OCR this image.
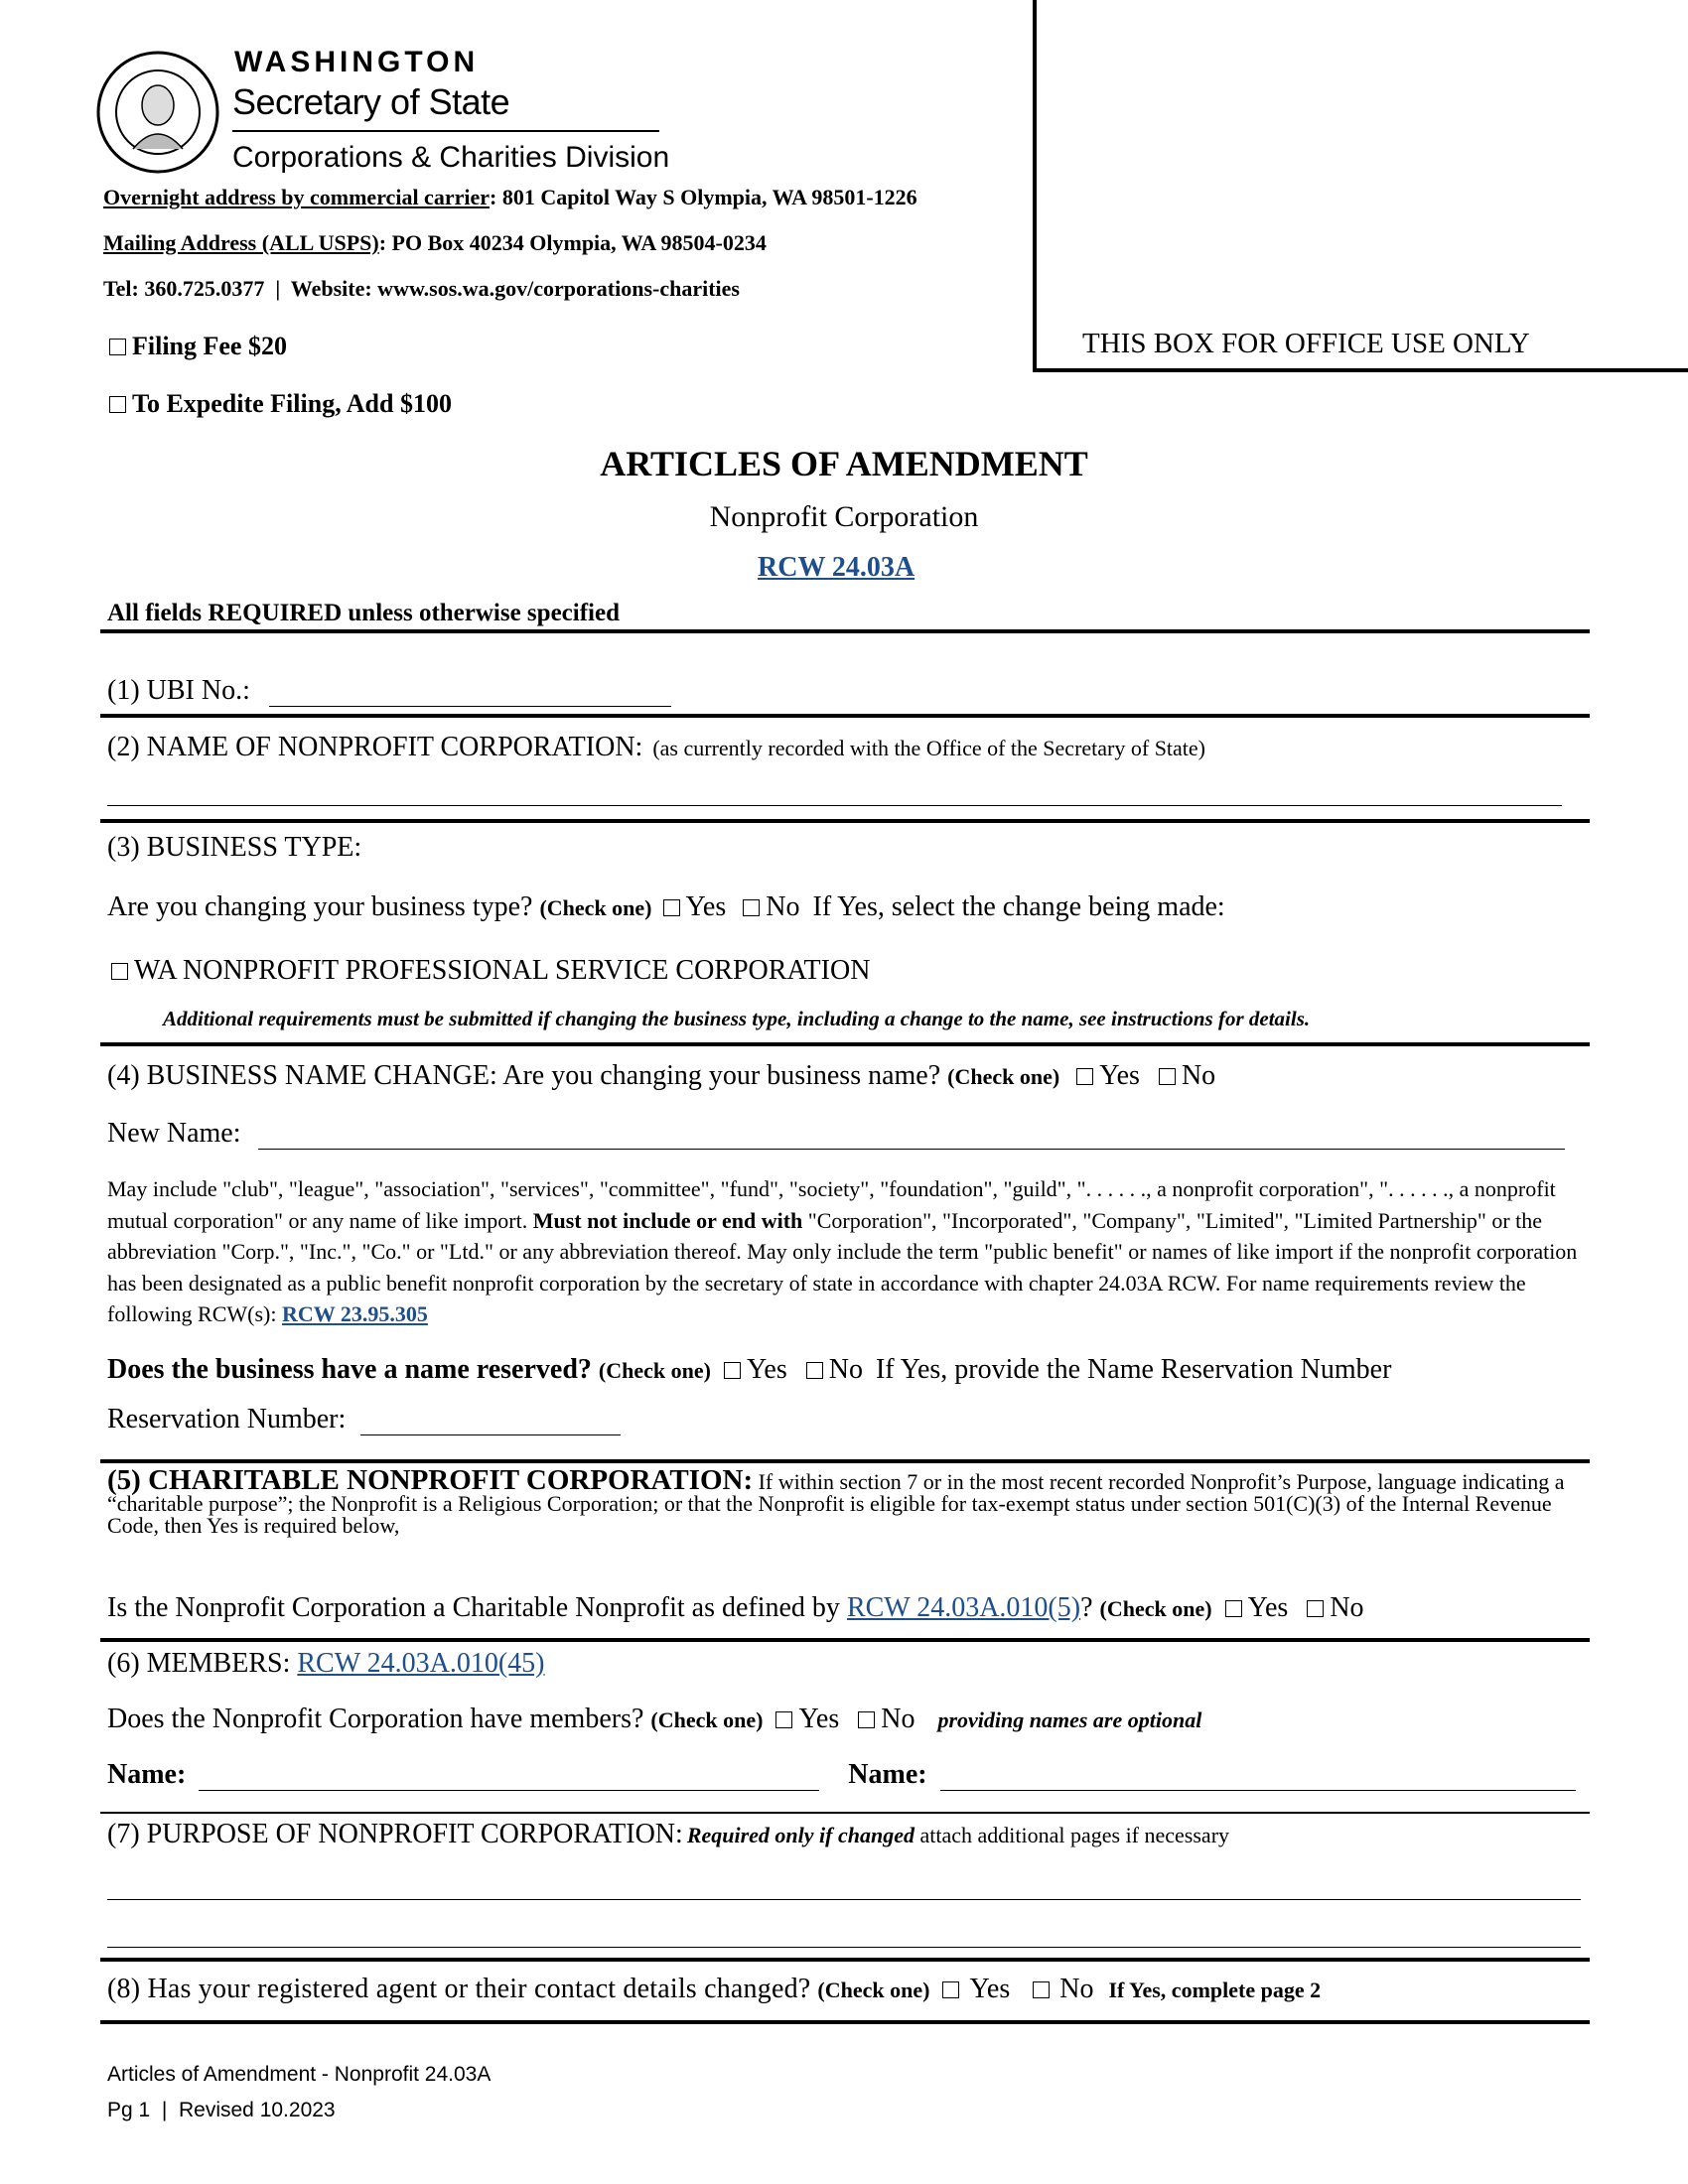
THIS BOX FOR OFFICE USE ONLY
WASHINGTON
Secretary of State
Corporations & Charities Division
Overnight address by commercial carrier: 801 Capitol Way S Olympia, WA 98501-1226
Mailing Address (ALL USPS): PO Box 40234 Olympia, WA 98504-0234
Tel: 360.725.0377  |  Website: www.sos.wa.gov/corporations-charities
Filing Fee $20
To Expedite Filing, Add $100
ARTICLES OF AMENDMENT
Nonprofit Corporation
RCW 24.03A
All fields REQUIRED unless otherwise specified
(1) UBI No.:
(2) NAME OF NONPROFIT CORPORATION: (as currently recorded with the Office of the Secretary of State)
(3) BUSINESS TYPE:
Are you changing your business type? (Check one) Yes No If Yes, select the change being made:
WA NONPROFIT PROFESSIONAL SERVICE CORPORATION
Additional requirements must be submitted if changing the business type, including a change to the name, see instructions for details.
(4) BUSINESS NAME CHANGE: Are you changing your business name? (Check one) Yes No
New Name:
May include "club", "league", "association", "services", "committee", "fund", "society", "foundation", "guild", ". . . . . ., a nonprofit corporation", ". . . . . ., a nonprofit mutual corporation" or any name of like import. Must not include or end with "Corporation", "Incorporated", "Company", "Limited", "Limited Partnership" or the abbreviation "Corp.", "Inc.", "Co." or "Ltd." or any abbreviation thereof. May only include the term "public benefit" or names of like import if the nonprofit corporation has been designated as a public benefit nonprofit corporation by the secretary of state in accordance with chapter 24.03A RCW. For name requirements review the following RCW(s): RCW 23.95.305
Does the business have a name reserved? (Check one) Yes No If Yes, provide the Name Reservation Number
Reservation Number:
(5) CHARITABLE NONPROFIT CORPORATION: If within section 7 or in the most recent recorded Nonprofit’s Purpose, language indicating a “charitable purpose”; the Nonprofit is a Religious Corporation; or that the Nonprofit is eligible for tax-exempt status under section 501(C)(3) of the Internal Revenue Code, then Yes is required below,
Is the Nonprofit Corporation a Charitable Nonprofit as defined by RCW 24.03A.010(5)? (Check one) Yes No
(6) MEMBERS: RCW 24.03A.010(45)
Does the Nonprofit Corporation have members? (Check one) Yes No providing names are optional
Name:	Name:
(7) PURPOSE OF NONPROFIT CORPORATION: Required only if changed attach additional pages if necessary
(8) Has your registered agent or their contact details changed? (Check one) Yes No If Yes, complete page 2
Articles of Amendment - Nonprofit 24.03A
Pg 1  |  Revised 10.2023
